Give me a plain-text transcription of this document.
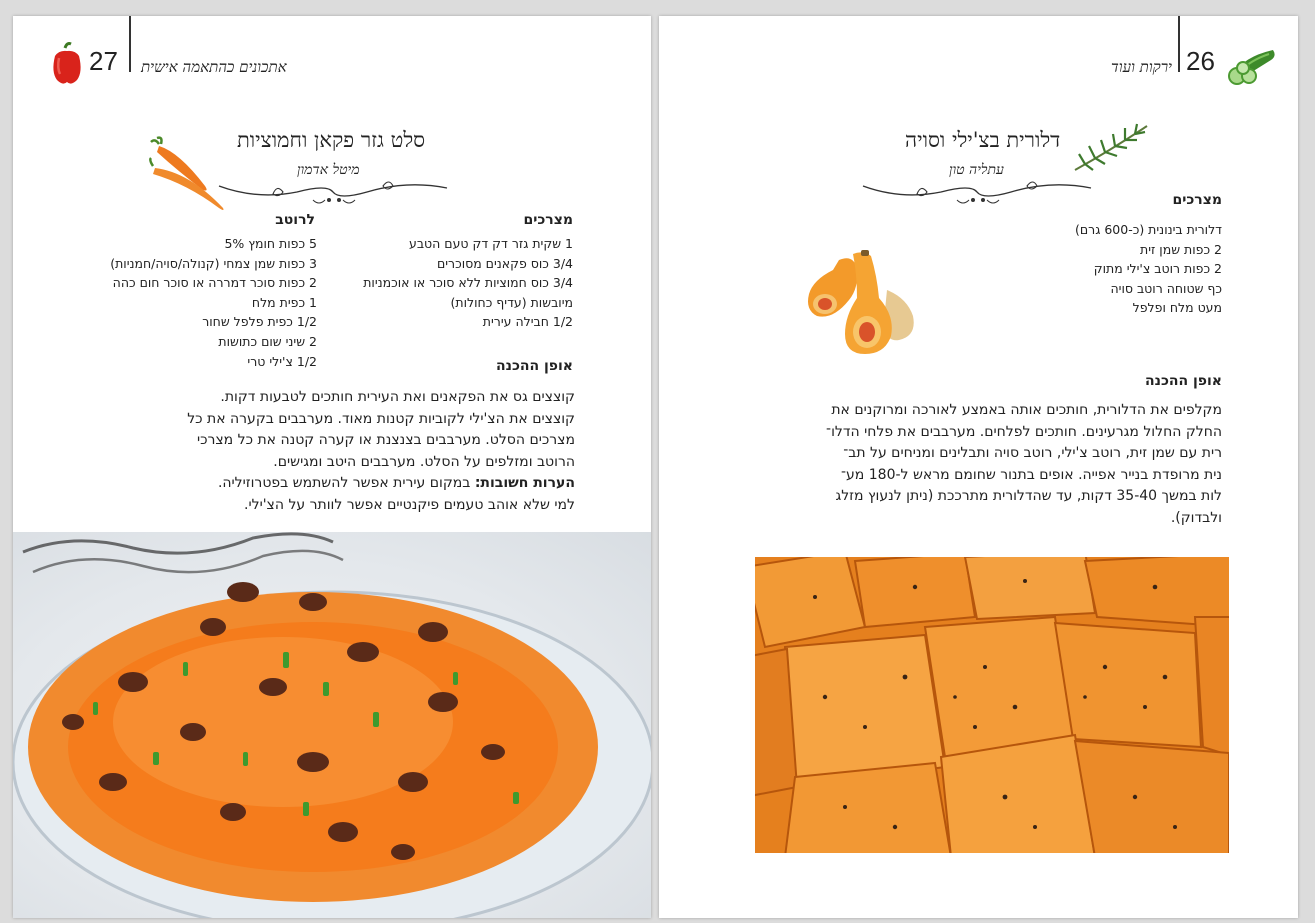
27 אתכונים כהתאמה אישית
סלט גזר פקאן וחמוציות
מיטל אדמון
מצרכים
1 שקית גזר דק דק טעם הטבע
3/4 כוס פקאנים מסוכרים
3/4 כוס חמוציות ללא סוכר או אוכמניות
מיובשות (עדיף כחולות)
1/2 חבילה עירית
לרוטב
5 כפות חומץ 5%
3 כפות שמן צמחי (קנולה/סויה/חמניות)
2 כפות סוכר דמררה או סוכר חום כהה
1 כפית מלח
1/2 כפית פלפל שחור
2 שיני שום כתושות
1/2 צ'ילי טרי	אופן ההכנה

קוצצים גס את הפקאנים ואת העירית חותכים לטבעות דקות.

קוצצים את הצ'ילי לקוביות קטנות מאוד. מערבבים בקערה את כל

מצרכים הסלט. מערבבים בצנצנת או קערה קטנה את כל מצרכי

הרוטב ומזלפים על הסלט. מערבבים היטב ומגישים.

הערות חשובות: במקום עירית אפשר להשתמש בפטרוזיליה.

למי שלא אוהב טעמים פיקנטיים אפשר לוותר על הצ'ילי.

ירקות ועוד 26
דלורית בצ'ילי וסויה
עתליה טון
מצרכים
דלורית בינונית (כ-600 גרם)
2 כפות שמן זית
2 כפות רוטב צ'ילי מתוק
כף שטוחה רוטב סויה
מעט מלח ופלפל
אופן ההכנה

מקלפים את הדלורית, חותכים אותה באמצע לאורכה ומרוקנים את

החלק החלול מגרעינים. חותכים לפלחים. מערבבים את פלחי הדלו־

רית עם שמן זית, רוטב צ'ילי, רוטב סויה ותבלינים ומניחים על תב־

נית מרופדת בנייר אפייה. אופים בתנור שחומם מראש ל-180 מע־

לות במשך 35-40 דקות, עד שהדלורית מתרככת (ניתן לנעוץ מזלג

ולבדוק).
